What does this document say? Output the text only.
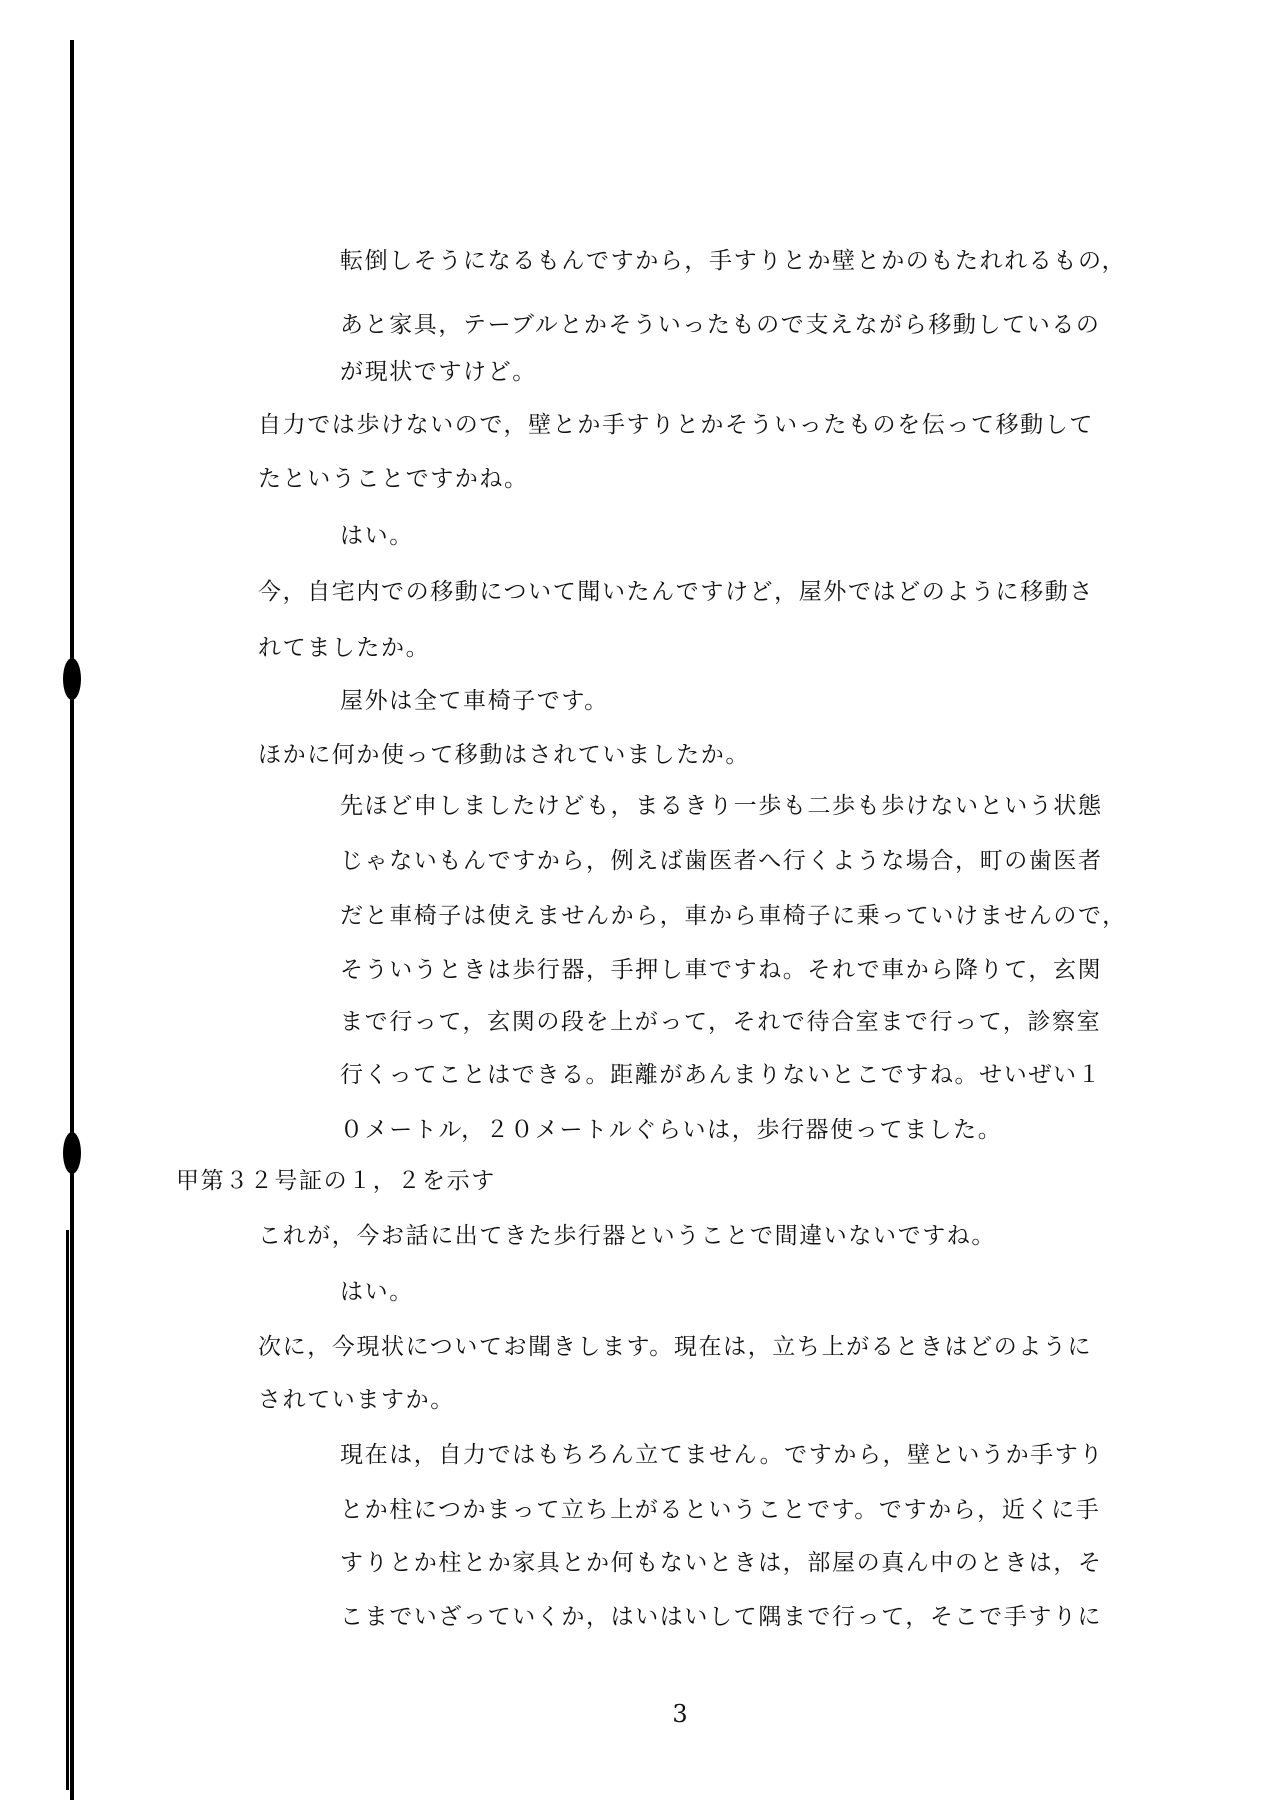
転倒しそうになるもんですから，手すりとか壁とかのもたれれるもの，

あと家具，テーブルとかそういったもので支えながら移動しているの

が現状ですけど。

自力では歩けないので，壁とか手すりとかそういったものを伝って移動して

たということですかね。

はい。

今，自宅内での移動について聞いたんですけど，屋外ではどのように移動さ

れてましたか。

屋外は全て車椅子です。

ほかに何か使って移動はされていましたか。

先ほど申しましたけども，まるきり一歩も二歩も歩けないという状態

じゃないもんですから，例えば歯医者へ行くような場合，町の歯医者

だと車椅子は使えませんから，車から車椅子に乗っていけませんので，

そういうときは歩行器，手押し車ですね。それで車から降りて，玄関

まで行って，玄関の段を上がって，それで待合室まで行って，診察室

行くってことはできる。距離があんまりないとこですね。せいぜい１

０メートル，２０メートルぐらいは，歩行器使ってました。

甲第３２号証の１，２を示す

これが，今お話に出てきた歩行器ということで間違いないですね。

はい。

次に，今現状についてお聞きします。現在は，立ち上がるときはどのように

されていますか。

現在は，自力ではもちろん立てません。ですから，壁というか手すり

とか柱につかまって立ち上がるということです。ですから，近くに手

すりとか柱とか家具とか何もないときは，部屋の真ん中のときは，そ

こまでいざっていくか，はいはいして隅まで行って，そこで手すりに

3
